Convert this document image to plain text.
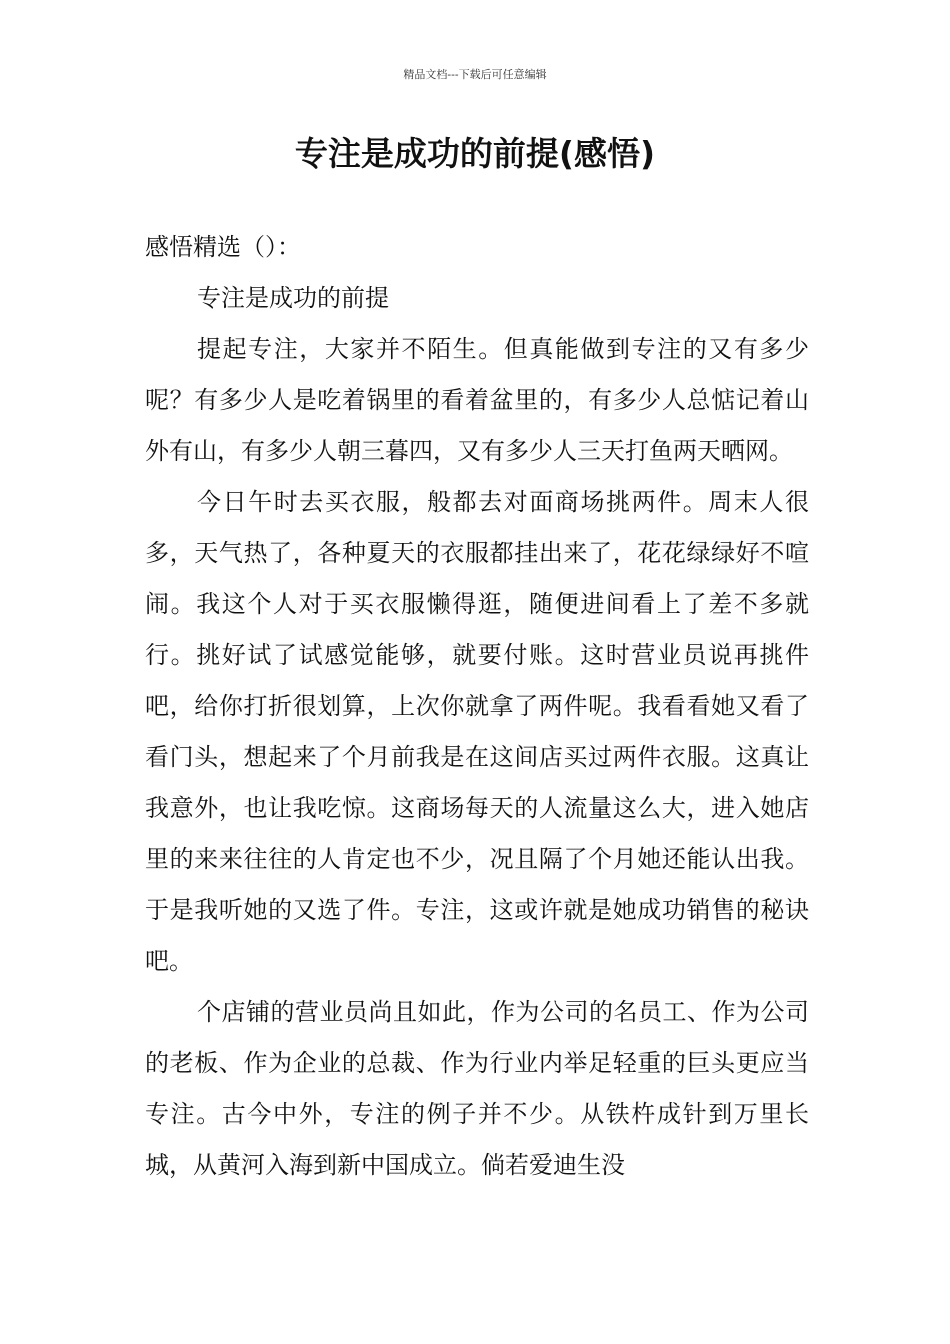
精品文档---下载后可任意编辑
专注是成功的前提(感悟)

感悟精选（）：

专注是成功的前提

提起专注，大家并不陌生。但真能做到专注的又有多少呢？有多少人是吃着锅里的看着盆里的，有多少人总惦记着山外有山，有多少人朝三暮四，又有多少人三天打鱼两天晒网。

今日午时去买衣服，般都去对面商场挑两件。周末人很多，天气热了，各种夏天的衣服都挂出来了，花花绿绿好不喧闹。我这个人对于买衣服懒得逛，随便进间看上了差不多就行。挑好试了试感觉能够，就要付账。这时营业员说再挑件吧，给你打折很划算，上次你就拿了两件呢。我看看她又看了看门头，想起来了个月前我是在这间店买过两件衣服。这真让我意外，也让我吃惊。这商场每天的人流量这么大，进入她店里的来来往往的人肯定也不少，况且隔了个月她还能认出我。于是我听她的又选了件。专注，这或许就是她成功销售的秘诀吧。

个店铺的营业员尚且如此，作为公司的名员工、作为公司的老板、作为企业的总裁、作为行业内举足轻重的巨头更应当专注。古今中外，专注的例子并不少。从铁杵成针到万里长城，从黄河入海到新中国成立。倘若爱迪生没
